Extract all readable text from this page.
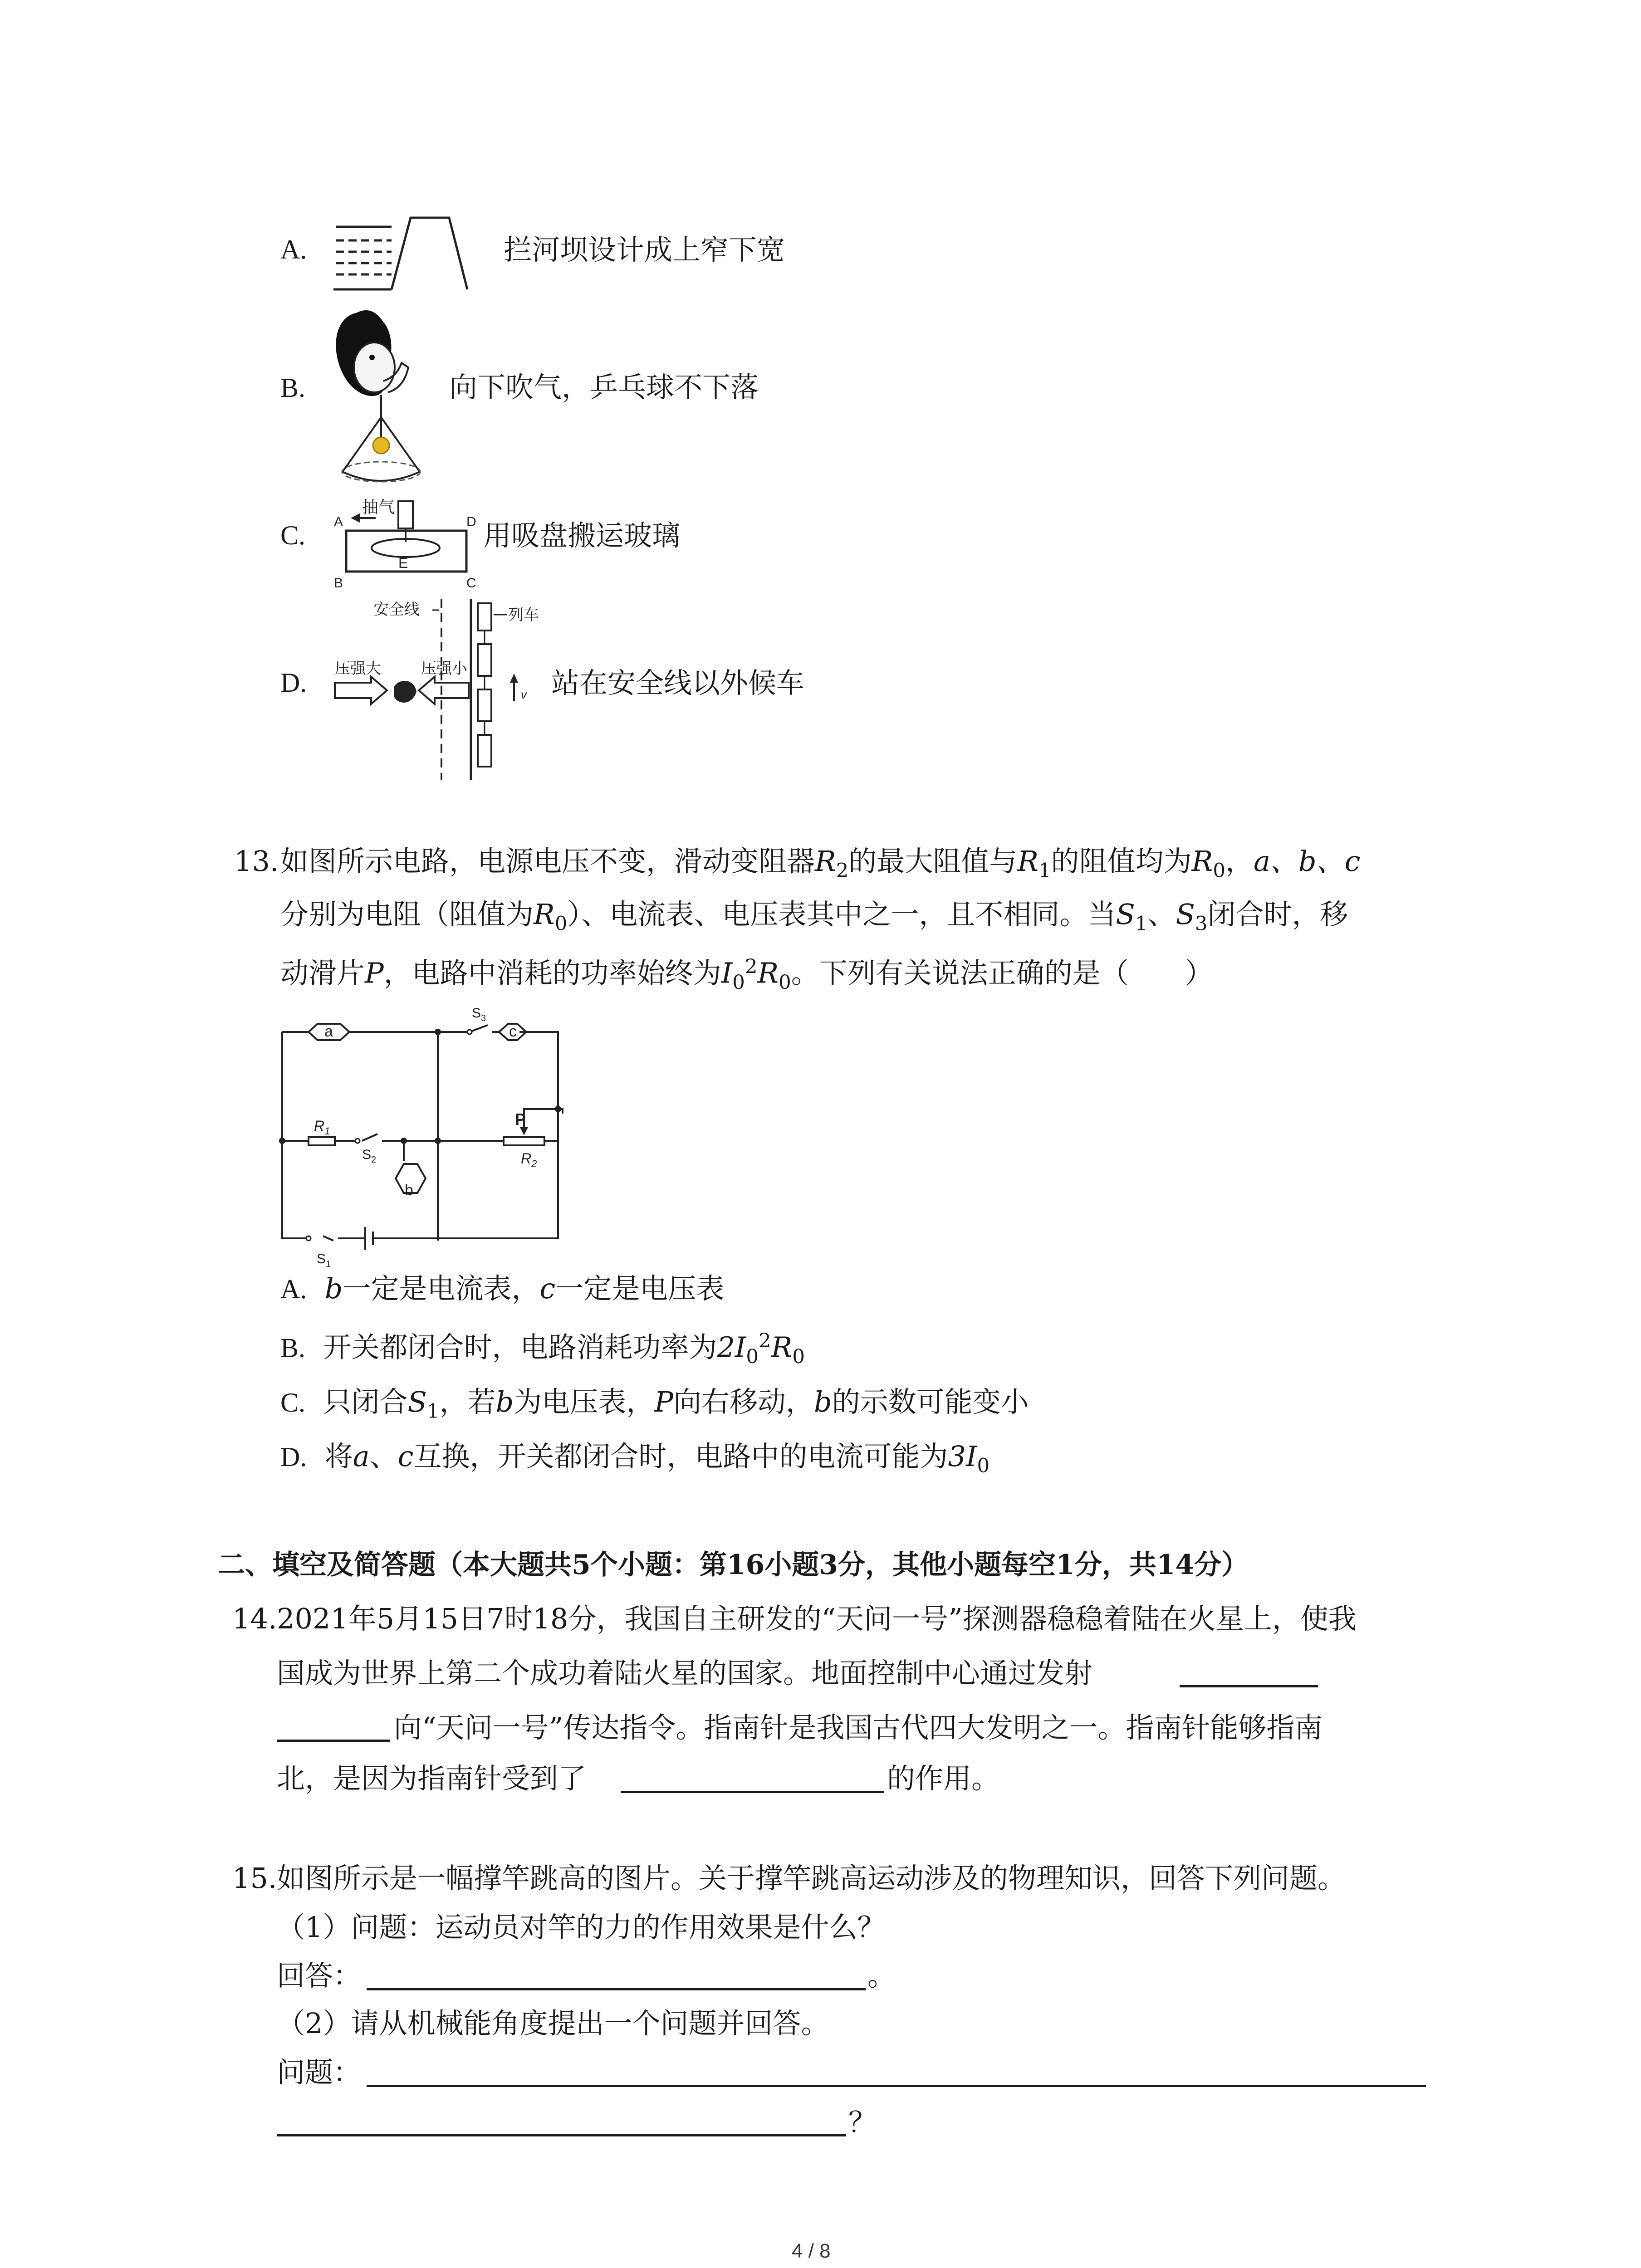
A.	拦河坝设计成上窄下宽
B.	向下吹气，乒乓球不下落
C.
抽气
A	D
E
B	C
用吸盘搬运玻璃
D.
安全线	列车
v
压强大	压强小	站在安全线以外候车
13. 如图所示电路，电源电压不变，滑动变阻器$R_2$的最大阻值与$R_1$的阻值均为$R_0$，a、b、c
分别为电阻（阻值为$R_0$）、电流表、电压表其中之一，且不相同。当$S_1$、$S_3$闭合时，移
动滑片P，电路中消耗的功率始终为$I_0^2R_0$。下列有关说法正确的是（　　）
a	c
b
P
$R_1$
$R_2$
$S_2$
$S_1$
$S_3$
A. b一定是电流表，c一定是电压表
B. 开关都闭合时，电路消耗功率为$2I_0^2R_0$
C. 只闭合$S_1$，若b为电压表，P向右移动，b的示数可能变小
D. 将a、c互换，开关都闭合时，电路中的电流可能为$3I_0$
二、填空及简答题（本大题共5个小题：第16小题3分，其他小题每空1分，共14分）
14. 2021年5月15日7时18分，我国自主研发的“天问一号”探测器稳稳着陆在火星上，使我
国成为世界上第二个成功着陆火星的国家。地面控制中心通过发射
向“天问一号”传达指令。指南针是我国古代四大发明之一。指南针能够指南
北，是因为指南针受到了	的作用。
15. 如图所示是一幅撑竿跳高的图片。关于撑竿跳高运动涉及的物理知识，回答下列问题。
（1）问题：运动员对竿的力的作用效果是什么？
回答：	。
（2）请从机械能角度提出一个问题并回答。
问题：
？
4 / 8
